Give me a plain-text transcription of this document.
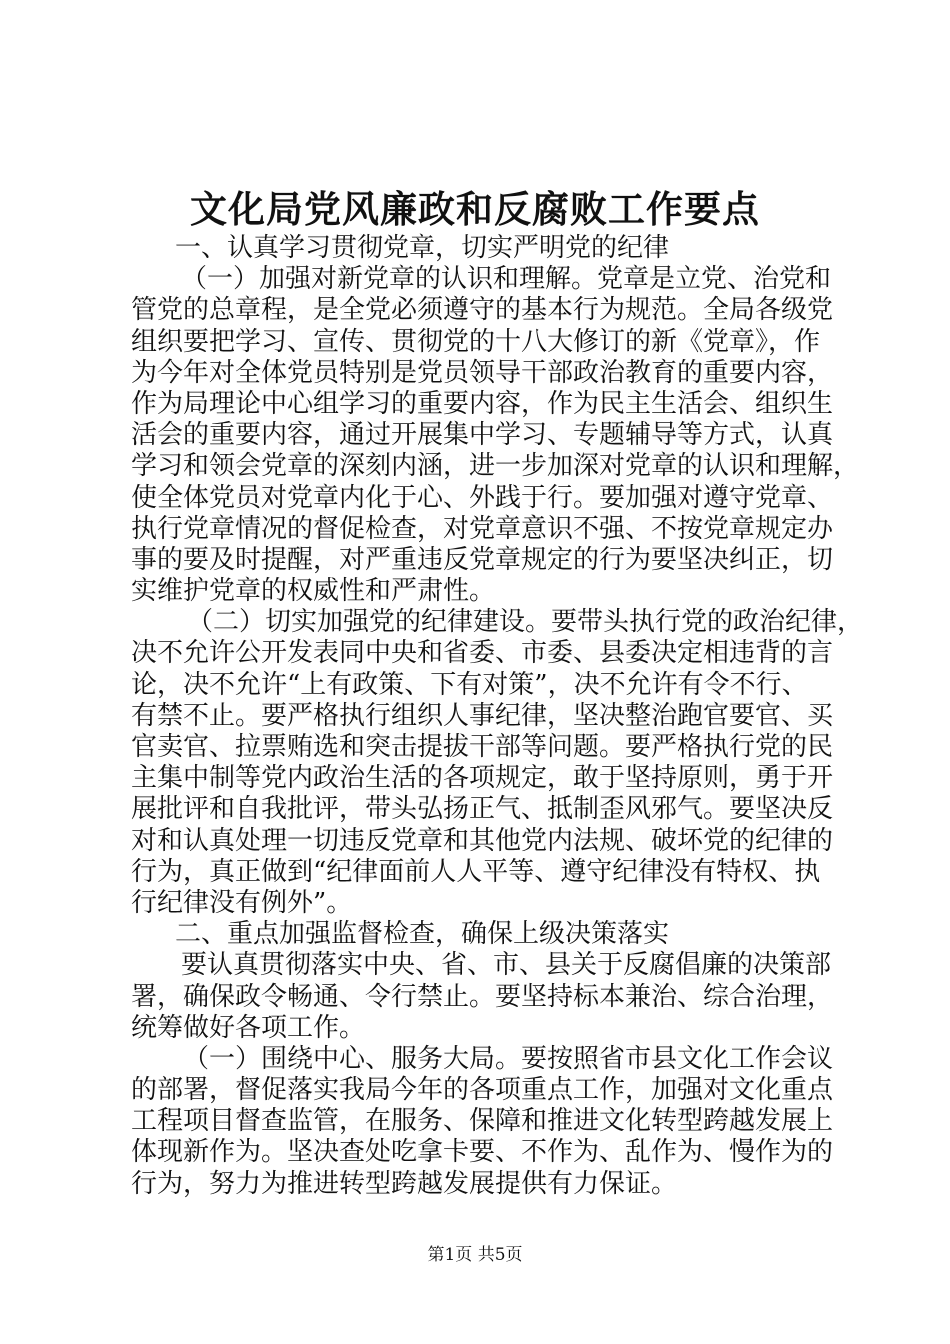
文化局党风廉政和反腐败工作要点
一、认真学习贯彻党章，切实严明党的纪律
（一）加强对新党章的认识和理解。党章是立党、治党和
管党的总章程，是全党必须遵守的基本行为规范。全局各级党
组织要把学习、宣传、贯彻党的十八大修订的新《党章》，作
为今年对全体党员特别是党员领导干部政治教育的重要内容，
作为局理论中心组学习的重要内容，作为民主生活会、组织生
活会的重要内容，通过开展集中学习、专题辅导等方式，认真
学习和领会党章的深刻内涵，进一步加深对党章的认识和理解，
使全体党员对党章内化于心、外践于行。要加强对遵守党章、
执行党章情况的督促检查，对党章意识不强、不按党章规定办
事的要及时提醒，对严重违反党章规定的行为要坚决纠正，切
实维护党章的权威性和严肃性。
（二）切实加强党的纪律建设。要带头执行党的政治纪律，
决不允许公开发表同中央和省委、市委、县委决定相违背的言
论，决不允许“上有政策、下有对策”，决不允许有令不行、
有禁不止。要严格执行组织人事纪律，坚决整治跑官要官、买
官卖官、拉票贿选和突击提拔干部等问题。要严格执行党的民
主集中制等党内政治生活的各项规定，敢于坚持原则，勇于开
展批评和自我批评，带头弘扬正气、抵制歪风邪气。要坚决反
对和认真处理一切违反党章和其他党内法规、破坏党的纪律的
行为，真正做到“纪律面前人人平等、遵守纪律没有特权、执
行纪律没有例外”。
二、重点加强监督检查，确保上级决策落实
要认真贯彻落实中央、省、市、县关于反腐倡廉的决策部
署，确保政令畅通、令行禁止。要坚持标本兼治、综合治理，
统筹做好各项工作。
（一）围绕中心、服务大局。要按照省市县文化工作会议
的部署，督促落实我局今年的各项重点工作，加强对文化重点
工程项目督查监管，在服务、保障和推进文化转型跨越发展上
体现新作为。坚决查处吃拿卡要、不作为、乱作为、慢作为的
行为，努力为推进转型跨越发展提供有力保证。
第1页 共5页
